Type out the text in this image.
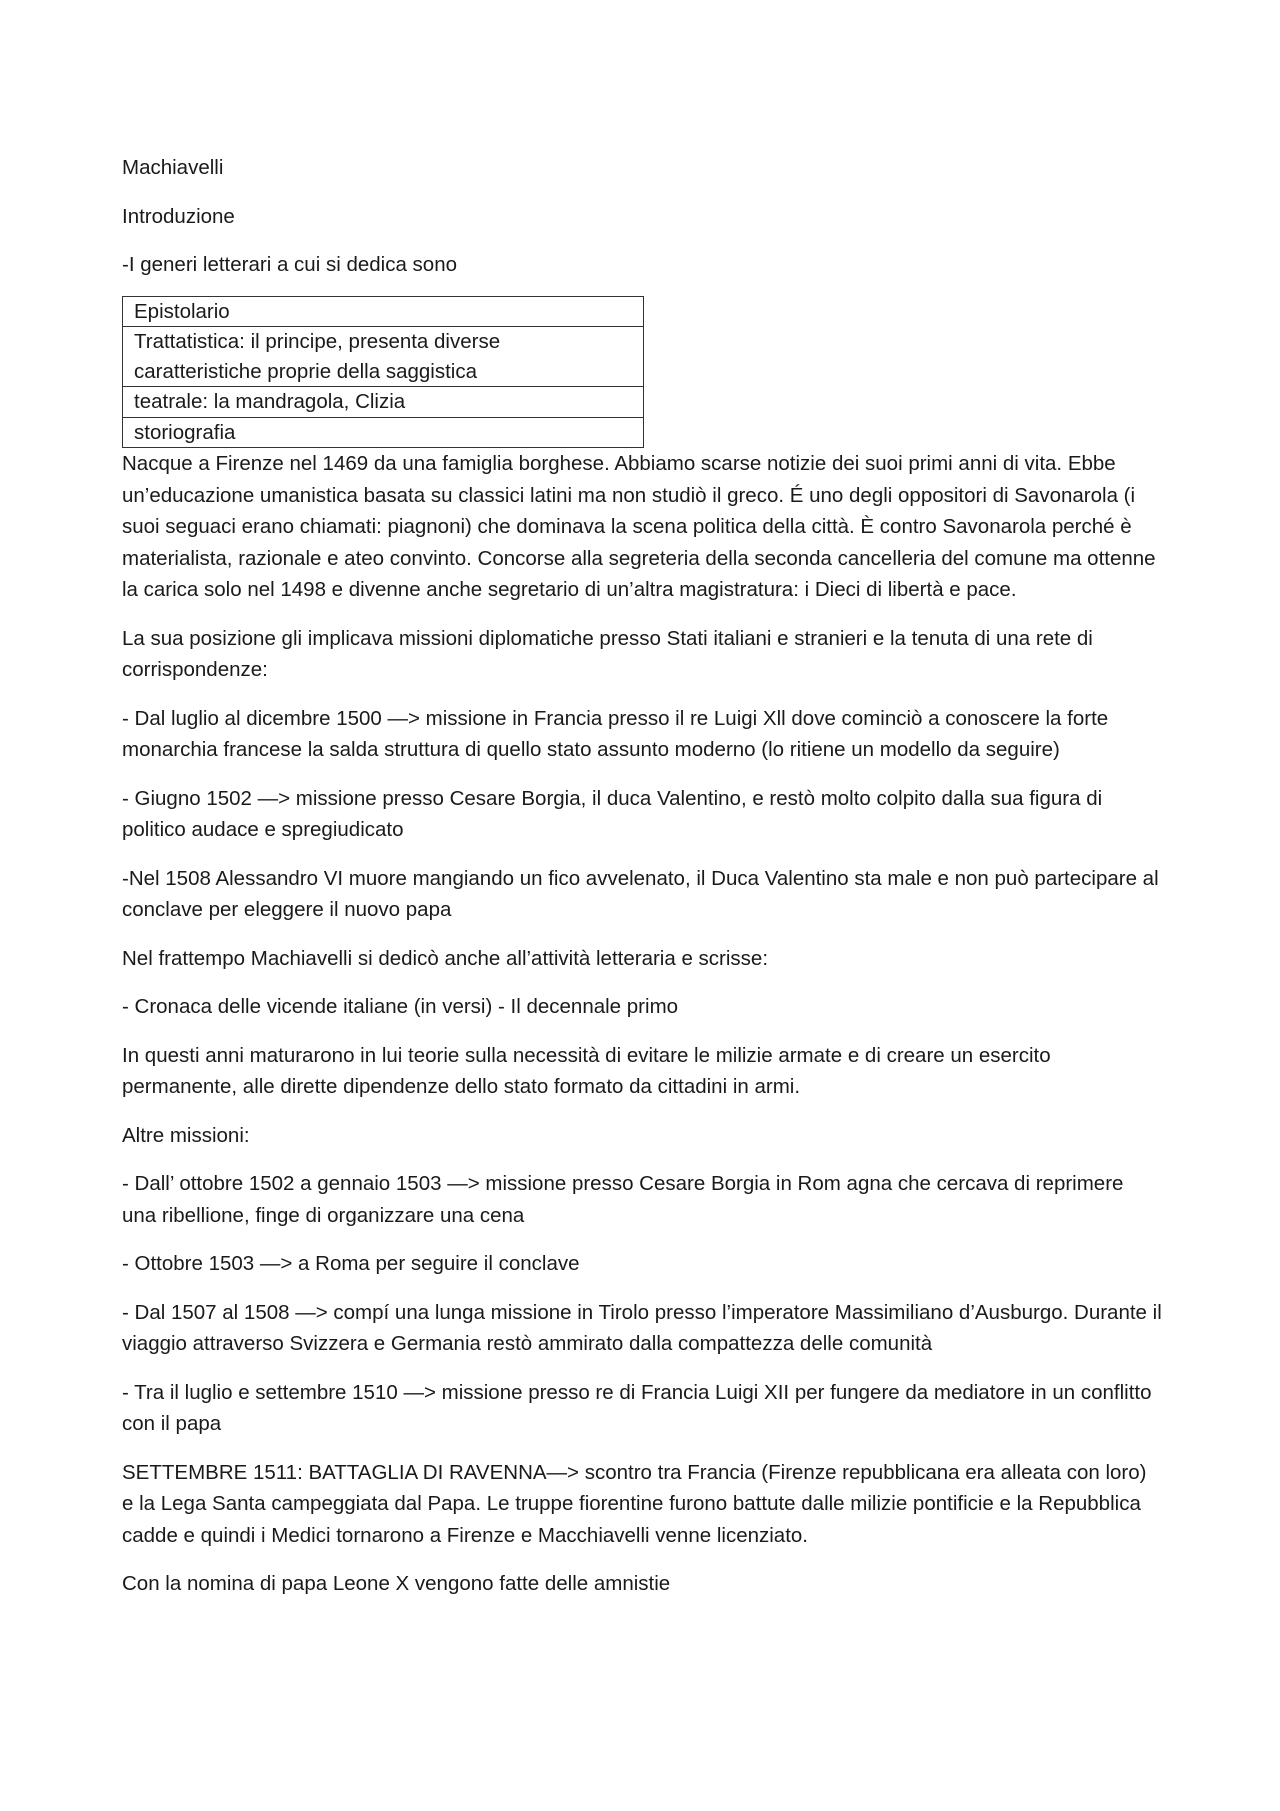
Machiavelli

Introduzione

-I generi letterari a cui si dedica sono

Epistolario
Trattatistica: il principe, presenta diverse caratteristiche proprie della saggistica
teatrale: la mandragola, Clizia
storiografia

Nacque a Firenze nel 1469 da una famiglia borghese. Abbiamo scarse notizie dei suoi primi anni di vita. Ebbe un’educazione umanistica basata su classici latini ma non studiò il greco. É uno degli oppositori di Savonarola (i suoi seguaci erano chiamati: piagnoni) che dominava la scena politica della città. È contro Savonarola perché è materialista, razionale e ateo convinto. Concorse alla segreteria della seconda cancelleria del comune ma ottenne la carica solo nel 1498 e divenne anche segretario di un’altra magistratura: i Dieci di libertà e pace.

La sua posizione gli implicava missioni diplomatiche presso Stati italiani e stranieri e la tenuta di una rete di corrispondenze:

- Dal luglio al dicembre 1500 —> missione in Francia presso il re Luigi Xll dove cominciò a conoscere la forte monarchia francese la salda struttura di quello stato assunto moderno (lo ritiene un modello da seguire)

- Giugno 1502 —> missione presso Cesare Borgia, il duca Valentino, e restò molto colpito dalla sua figura di politico audace e spregiudicato

-Nel 1508 Alessandro VI muore mangiando un fico avvelenato, il Duca Valentino sta male e non può partecipare al conclave per eleggere il nuovo papa

Nel frattempo Machiavelli si dedicò anche all’attività letteraria e scrisse:

- Cronaca delle vicende italiane (in versi) - Il decennale primo

In questi anni maturarono in lui teorie sulla necessità di evitare le milizie armate e di creare un esercito permanente, alle dirette dipendenze dello stato formato da cittadini in armi.

Altre missioni:

- Dall’ ottobre 1502 a gennaio 1503 —> missione presso Cesare Borgia in Rom agna che cercava di reprimere una ribellione, finge di organizzare una cena

- Ottobre 1503 —> a Roma per seguire il conclave

- Dal 1507 al 1508 —> compí una lunga missione in Tirolo presso l’imperatore Massimiliano d’Ausburgo. Durante il viaggio attraverso Svizzera e Germania restò ammirato dalla compattezza delle comunità

- Tra il luglio e settembre 1510 —> missione presso re di Francia Luigi XII per fungere da mediatore in un conflitto con il papa

SETTEMBRE 1511: BATTAGLIA DI RAVENNA—> scontro tra Francia (Firenze repubblicana era alleata con loro) e la Lega Santa campeggiata dal Papa. Le truppe fiorentine furono battute dalle milizie pontificie e la Repubblica cadde e quindi i Medici tornarono a Firenze e Macchiavelli venne licenziato.

Con la nomina di papa Leone X vengono fatte delle amnistie
